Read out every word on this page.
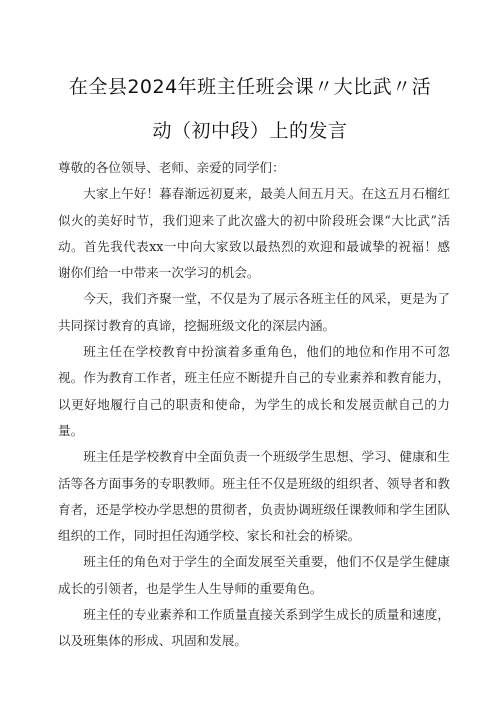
在全县2024年班主任班会课〃大比武〃活
动（初中段）上的发言

尊敬的各位领导、老师、亲爱的同学们：

大家上午好！暮春渐远初夏来，最美人间五月天。在这五月石榴红似火的美好时节，我们迎来了此次盛大的初中阶段班会课“大比武”活动。首先我代表xx一中向大家致以最热烈的欢迎和最诚挚的祝福！感谢你们给一中带来一次学习的机会。

今天，我们齐聚一堂，不仅是为了展示各班主任的风采，更是为了共同探讨教育的真谛，挖掘班级文化的深层内涵。

班主任在学校教育中扮演着多重角色，他们的地位和作用不可忽视。作为教育工作者，班主任应不断提升自己的专业素养和教育能力，以更好地履行自己的职责和使命，为学生的成长和发展贡献自己的力量。

班主任是学校教育中全面负责一个班级学生思想、学习、健康和生活等各方面事务的专职教师。班主任不仅是班级的组织者、领导者和教育者，还是学校办学思想的贯彻者，负责协调班级任课教师和学生团队组织的工作，同时担任沟通学校、家长和社会的桥梁。

班主任的角色对于学生的全面发展至关重要，他们不仅是学生健康成长的引领者，也是学生人生导师的重要角色。

班主任的专业素养和工作质量直接关系到学生成长的质量和速度，以及班集体的形成、巩固和发展。
